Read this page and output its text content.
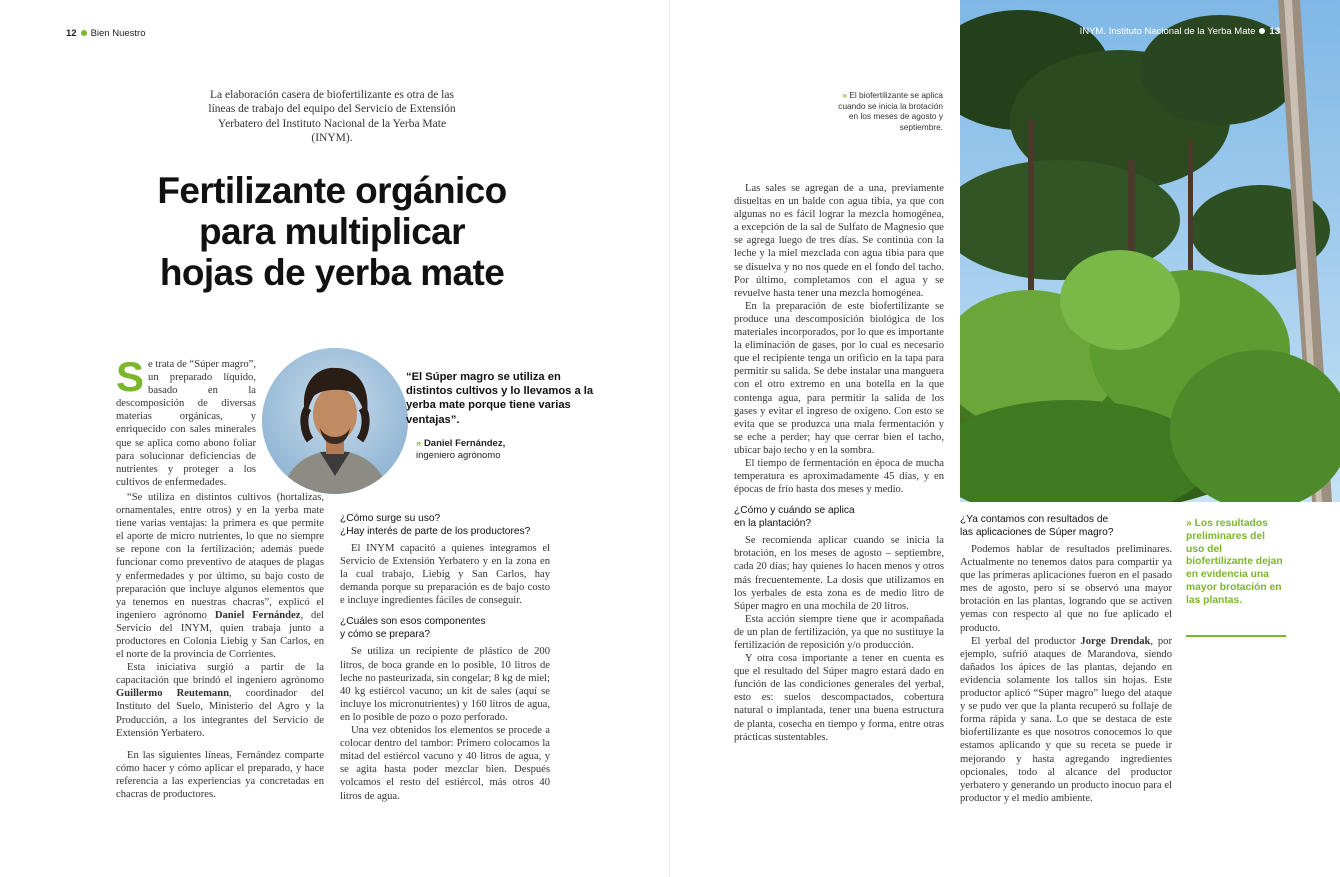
12 Bien Nuestro
La elaboración casera de biofertilizante es otra de las líneas de trabajo del equipo del Servicio de Extensión Yerbatero del Instituto Nacional de la Yerba Mate (INYM).
Fertilizante orgánico
para multiplicar
hojas de yerba mate
“El Súper magro se utiliza en distintos cultivos y lo llevamos a la yerba mate porque tiene varias ventajas”.
» Daniel Fernández,
ingeniero agrónomo
Se trata de “Súper magro”, un preparado líquido, basado en la descomposición de diversas materias orgánicas, y enriquecido con sales minerales que se aplica como abono foliar para solucionar deficiencias de nutrientes y proteger a los cultivos de enfermedades.

“Se utiliza en distintos cultivos (hortalizas, ornamentales, entre otros) y en la yerba mate tiene varias ventajas: la primera es que permite el aporte de micro nutrientes, lo que no siempre se repone con la fertilización; además puede funcionar como preventivo de ataques de plagas y enfermedades y por último, su bajo costo de preparación que incluye algunos elementos que ya tenemos en nuestras chacras”, explicó el ingeniero agrónomo Daniel Fernández, del Servicio del INYM, quien trabaja junto a productores en Colonia Liebig y San Carlos, en el norte de la provincia de Corrientes.

Esta iniciativa surgió a partir de la capacitación que brindó el ingeniero agrónomo Guillermo Reutemann, coordinador del Instituto del Suelo, Ministerio del Agro y la Producción, a los integrantes del Servicio de Extensión Yerbatero.

En las siguientes líneas, Fernández comparte cómo hacer y cómo aplicar el preparado, y hace referencia a las experiencias ya concretadas en chacras de productores.

¿Cómo surge su uso?
¿Hay interés de parte de los productores?

El INYM capacitó a quienes integramos el Servicio de Extensión Yerbatero y en la zona en la cual trabajo, Liebig y San Carlos, hay demanda porque su preparación es de bajo costo e incluye ingredientes fáciles de conseguir.

¿Cuáles son esos componentes
y cómo se prepara?

Se utiliza un recipiente de plástico de 200 litros, de boca grande en lo posible, 10 litros de leche no pasteurizada, sin congelar; 8 kg de miel; 40 kg estiércol vacuno; un kit de sales (aquí se incluye los micronutrientes) y 160 litros de agua, en lo posible de pozo o pozo perforado.

Una vez obtenidos los elementos se procede a colocar dentro del tambor: Primero colocamos la mitad del estiércol vacuno y 40 litros de agua, y se agita hasta poder mezclar bien. Después volcamos el resto del estiércol, más otros 40 litros de agua.

» El biofertilizante se aplica cuando se inicia la brotación en los meses de agosto y septiembre.

Las sales se agregan de a una, previamente disueltas en un balde con agua tibia, ya que con algunas no es fácil lograr la mezcla homogénea, a excepción de la sal de Sulfato de Magnesio que se agrega luego de tres días. Se continúa con la leche y la miel mezclada con agua tibia para que se disuelva y no nos quede en el fondo del tacho. Por último, completamos con el agua y se revuelve hasta tener una mezcla homogénea.

En la preparación de este biofertilizante se produce una descomposición biológica de los materiales incorporados, por lo que es importante la eliminación de gases, por lo cual es necesario que el recipiente tenga un orificio en la tapa para permitir su salida. Se debe instalar una manguera con el otro extremo en una botella en la que contenga agua, para permitir la salida de los gases y evitar el ingreso de oxígeno. Con esto se evita que se produzca una mala fermentación y se eche a perder; hay que cerrar bien el tacho, ubicar bajo techo y en la sombra.

El tiempo de fermentación en época de mucha temperatura es aproximadamente 45 días, y en épocas de frío hasta dos meses y medio.

¿Cómo y cuándo se aplica
en la plantación?

Se recomienda aplicar cuando se inicia la brotación, en los meses de agosto – septiembre, cada 20 días; hay quienes lo hacen menos y otros más frecuentemente. La dosis que utilizamos en los yerbales de esta zona es de medio litro de Súper magro en una mochila de 20 litros.

Esta acción siempre tiene que ir acompañada de un plan de fertilización, ya que no sustituye la fertilización de reposición y/o producción.

Y otra cosa importante a tener en cuenta es que el resultado del Súper magro estará dado en función de las condiciones generales del yerbal, esto es: suelos descompactados, cobertura natural o implantada, tener una buena estructura de planta, cosecha en tiempo y forma, entre otras prácticas sustentables.

INYM. Instituto Nacional de la Yerba Mate 13
¿Ya contamos con resultados de
las aplicaciones de Súper magro?

Podemos hablar de resultados preliminares. Actualmente no tenemos datos para compartir ya que las primeras aplicaciones fueron en el pasado mes de agosto, pero sí se observó una mayor brotación en las plantas, logrando que se activen yemas con respecto al que no fue aplicado el producto.

El yerbal del productor Jorge Drendak, por ejemplo, sufrió ataques de Marandova, siendo dañados los ápices de las plantas, dejando en evidencia solamente los tallos sin hojas. Este productor aplicó “Súper magro” luego del ataque y se pudo ver que la planta recuperó su follaje de forma rápida y sana. Lo que se destaca de este biofertilizante es que nosotros conocemos lo que estamos aplicando y que su receta se puede ir mejorando y hasta agregando ingredientes opcionales, todo al alcance del productor yerbatero y generando un producto inocuo para el productor y el medio ambiente.

» Los resultados preliminares del uso del biofertilizante dejan en evidencia una mayor brotación en las plantas.
